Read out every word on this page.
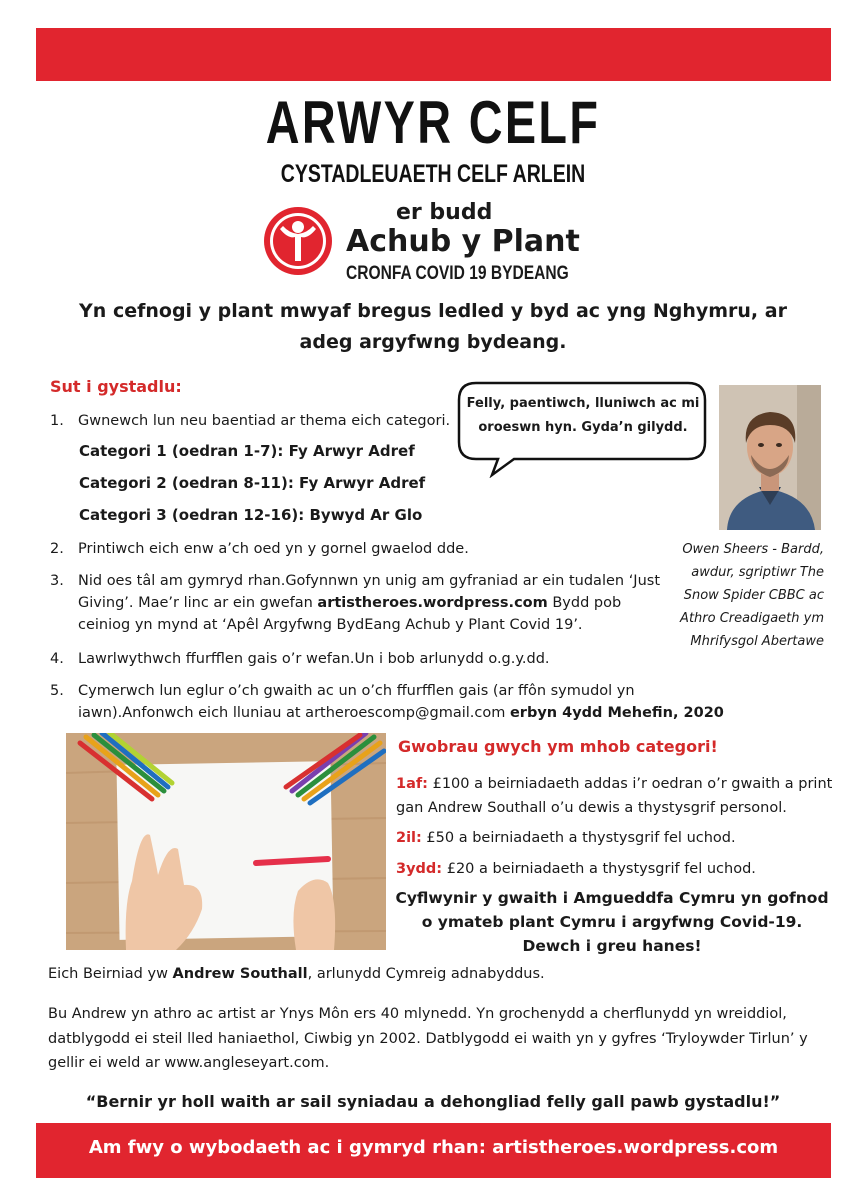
ARWYR CELF
CYSTADLEUAETH CELF ARLEIN
er budd
Achub y Plant
CRONFA COVID 19 BYDEANG
Yn cefnogi y plant mwyaf bregus ledled y byd ac yng Nghymru, ar adeg argyfwng bydeang.
Sut i gystadlu:
1. Gwnewch lun neu baentiad ar thema eich categori.
Categori 1 (oedran 1-7): Fy Arwyr Adref
Categori 2 (oedran 8-11): Fy Arwyr Adref
Categori 3 (oedran 12-16): Bywyd Ar Glo
2. Printiwch eich enw a’ch oed yn y gornel gwaelod dde.
3. Nid oes tâl am gymryd rhan.Gofynnwn yn unig am gyfraniad ar ein tudalen ‘Just Giving’. Mae’r linc ar ein gwefan artistheroes.wordpress.com Bydd pob ceiniog yn mynd at ‘Apêl Argyfwng BydEang Achub y Plant Covid 19’.
4. Lawrlwythwch ffurfflen gais o’r wefan.Un i bob arlunydd o.g.y.dd.
5. Cymerwch lun eglur o’ch gwaith ac un o’ch ffurfflen gais (ar ffôn symudol yn iawn).Anfonwch eich lluniau at artheroescomp@gmail.com erbyn 4ydd Mehefin, 2020
Felly, paentiwch, lluniwch ac mi oroeswn hyn. Gyda’n gilydd.
Owen Sheers - Bardd, awdur, sgriptiwr The Snow Spider CBBC ac Athro Creadigaeth ym Mhrifysgol Abertawe
Gwobrau gwych ym mhob categori!
1af: £100 a beirniadaeth addas i’r oedran o’r gwaith a print gan Andrew Southall o’u dewis a thystysgrif personol.
2il: £50 a beirniadaeth a thystysgrif fel uchod.
3ydd: £20 a beirniadaeth a thystysgrif fel uchod.
Cyflwynir y gwaith i Amgueddfa Cymru yn gofnod o ymateb plant Cymru i argyfwng Covid-19. Dewch i greu hanes!
Eich Beirniad yw Andrew Southall, arlunydd Cymreig adnabyddus.
Bu Andrew yn athro ac artist ar Ynys Môn ers 40 mlynedd. Yn grochenydd a cherflunydd yn wreiddiol, datblygodd ei steil lled haniaethol, Ciwbig yn 2002. Datblygodd ei waith yn y gyfres ‘Tryloywder Tirlun’ y gellir ei weld ar www.angleseyart.com.
“Bernir yr holl waith ar sail syniadau a dehongliad felly gall pawb gystadlu!”
Am fwy o wybodaeth ac i gymryd rhan: artistheroes.wordpress.com
